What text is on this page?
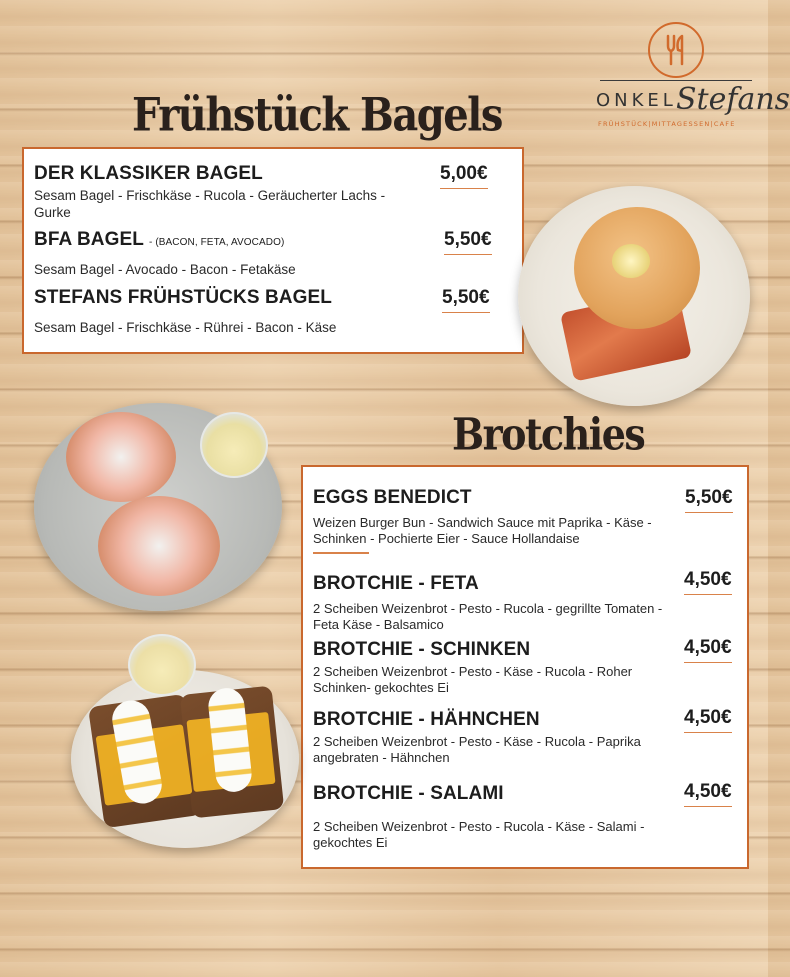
Frühstück Bagels
Brotchies
ONKEL Stefans
FRÜHSTÜCK|MITTAGESSEN|CAFE
DER KLASSIKER BAGEL
Sesam Bagel - Frischkäse - Rucola - Geräucherter Lachs - Gurke
5,00€
BFA BAGEL - (BACON, FETA, AVOCADO)
Sesam Bagel - Avocado - Bacon - Fetakäse
5,50€
STEFANS FRÜHSTÜCKS BAGEL
Sesam Bagel - Frischkäse - Rührei - Bacon - Käse
5,50€
EGGS BENEDICT
Weizen Burger Bun - Sandwich Sauce mit Paprika - Käse - Schinken - Pochierte Eier - Sauce Hollandaise
5,50€
BROTCHIE - FETA
2 Scheiben Weizenbrot - Pesto - Rucola - gegrillte Tomaten - Feta Käse - Balsamico
4,50€
BROTCHIE - SCHINKEN
2 Scheiben Weizenbrot - Pesto - Käse - Rucola - Roher Schinken- gekochtes Ei
4,50€
BROTCHIE - HÄHNCHEN
2 Scheiben Weizenbrot - Pesto - Käse - Rucola - Paprika angebraten - Hähnchen
4,50€
BROTCHIE - SALAMI
2 Scheiben Weizenbrot - Pesto - Rucola - Käse - Salami - gekochtes Ei
4,50€
